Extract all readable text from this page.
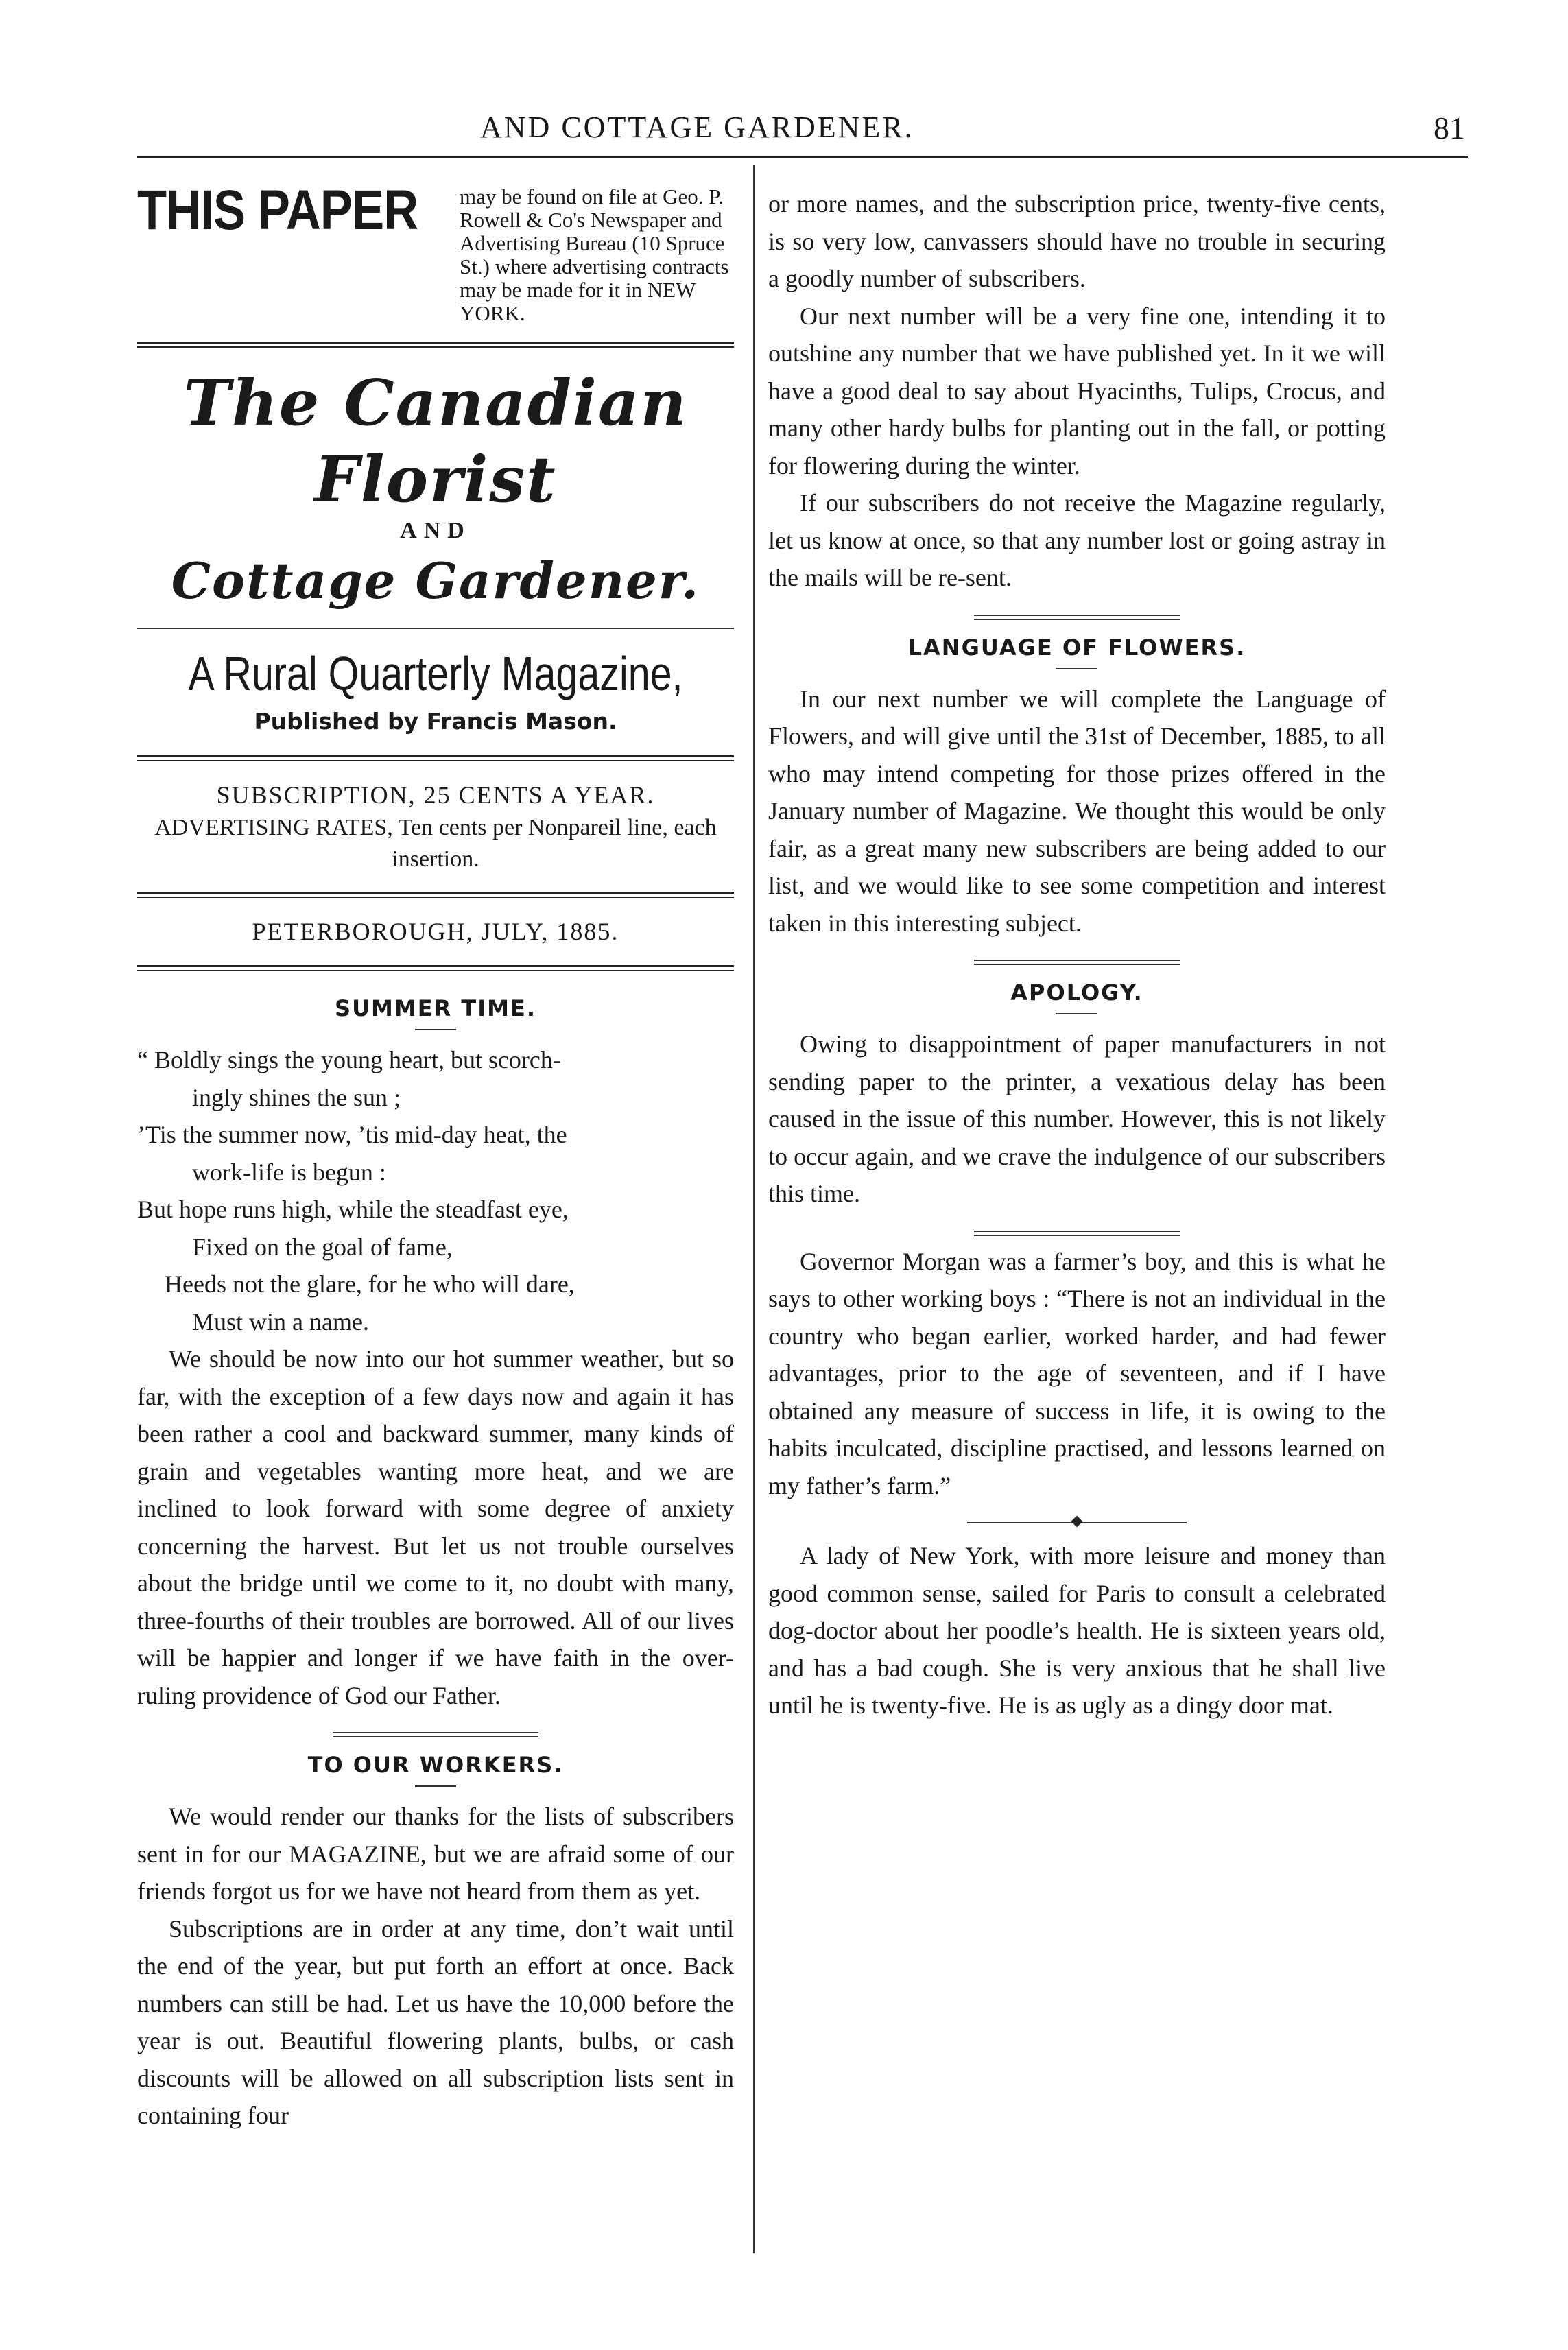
AND COTTAGE GARDENER.	81
THIS PAPER may be found on file at Geo. P. Rowell & Co's Newspaper and Advertising Bureau (10 Spruce St.) where advertising contracts may be made for it in NEW YORK.
The Canadian Florist
AND
Cottage Gardener.
A Rural Quarterly Magazine,
Published by Francis Mason.
SUBSCRIPTION, 25 CENTS A YEAR.
ADVERTISING RATES, Ten cents per Nonpareil line, each insertion.
PETERBOROUGH, JULY, 1885.
SUMMER TIME.

“ Boldly sings the young heart, but scorch-

ingly shines the sun ;

’Tis the summer now, ’tis mid-day heat, the

work-life is begun :

But hope runs high, while the steadfast eye,

Fixed on the goal of fame,

Heeds not the glare, for he who will dare,

Must win a name.

We should be now into our hot summer weather, but so far, with the exception of a few days now and again it has been rather a cool and backward summer, many kinds of grain and vegetables wanting more heat, and we are inclined to look forward with some degree of anxiety concerning the harvest. But let us not trouble ourselves about the bridge until we come to it, no doubt with many, three-fourths of their troubles are borrowed. All of our lives will be happier and longer if we have faith in the over-ruling providence of God our Father.

TO OUR WORKERS.

We would render our thanks for the lists of subscribers sent in for our MAGAZINE, but we are afraid some of our friends forgot us for we have not heard from them as yet.

Subscriptions are in order at any time, don’t wait until the end of the year, but put forth an effort at once. Back numbers can still be had. Let us have the 10,000 before the year is out. Beautiful flowering plants, bulbs, or cash discounts will be allowed on all subscription lists sent in containing four

or more names, and the subscription price, twenty-five cents, is so very low, canvassers should have no trouble in securing a goodly number of subscribers.

Our next number will be a very fine one, intending it to outshine any number that we have published yet. In it we will have a good deal to say about Hyacinths, Tulips, Crocus, and many other hardy bulbs for planting out in the fall, or potting for flowering during the winter.

If our subscribers do not receive the Magazine regularly, let us know at once, so that any number lost or going astray in the mails will be re-sent.

LANGUAGE OF FLOWERS.

In our next number we will complete the Language of Flowers, and will give until the 31st of December, 1885, to all who may intend competing for those prizes offered in the January number of Magazine. We thought this would be only fair, as a great many new subscribers are being added to our list, and we would like to see some competition and interest taken in this interesting subject.

APOLOGY.

Owing to disappointment of paper manufacturers in not sending paper to the printer, a vexatious delay has been caused in the issue of this number. However, this is not likely to occur again, and we crave the indulgence of our subscribers this time.

Governor Morgan was a farmer’s boy, and this is what he says to other working boys : “There is not an individual in the country who began earlier, worked harder, and had fewer advantages, prior to the age of seventeen, and if I have obtained any measure of success in life, it is owing to the habits inculcated, discipline practised, and lessons learned on my father’s farm.”

A lady of New York, with more leisure and money than good common sense, sailed for Paris to consult a celebrated dog-doctor about her poodle’s health. He is sixteen years old, and has a bad cough. She is very anxious that he shall live until he is twenty-five. He is as ugly as a dingy door mat.
